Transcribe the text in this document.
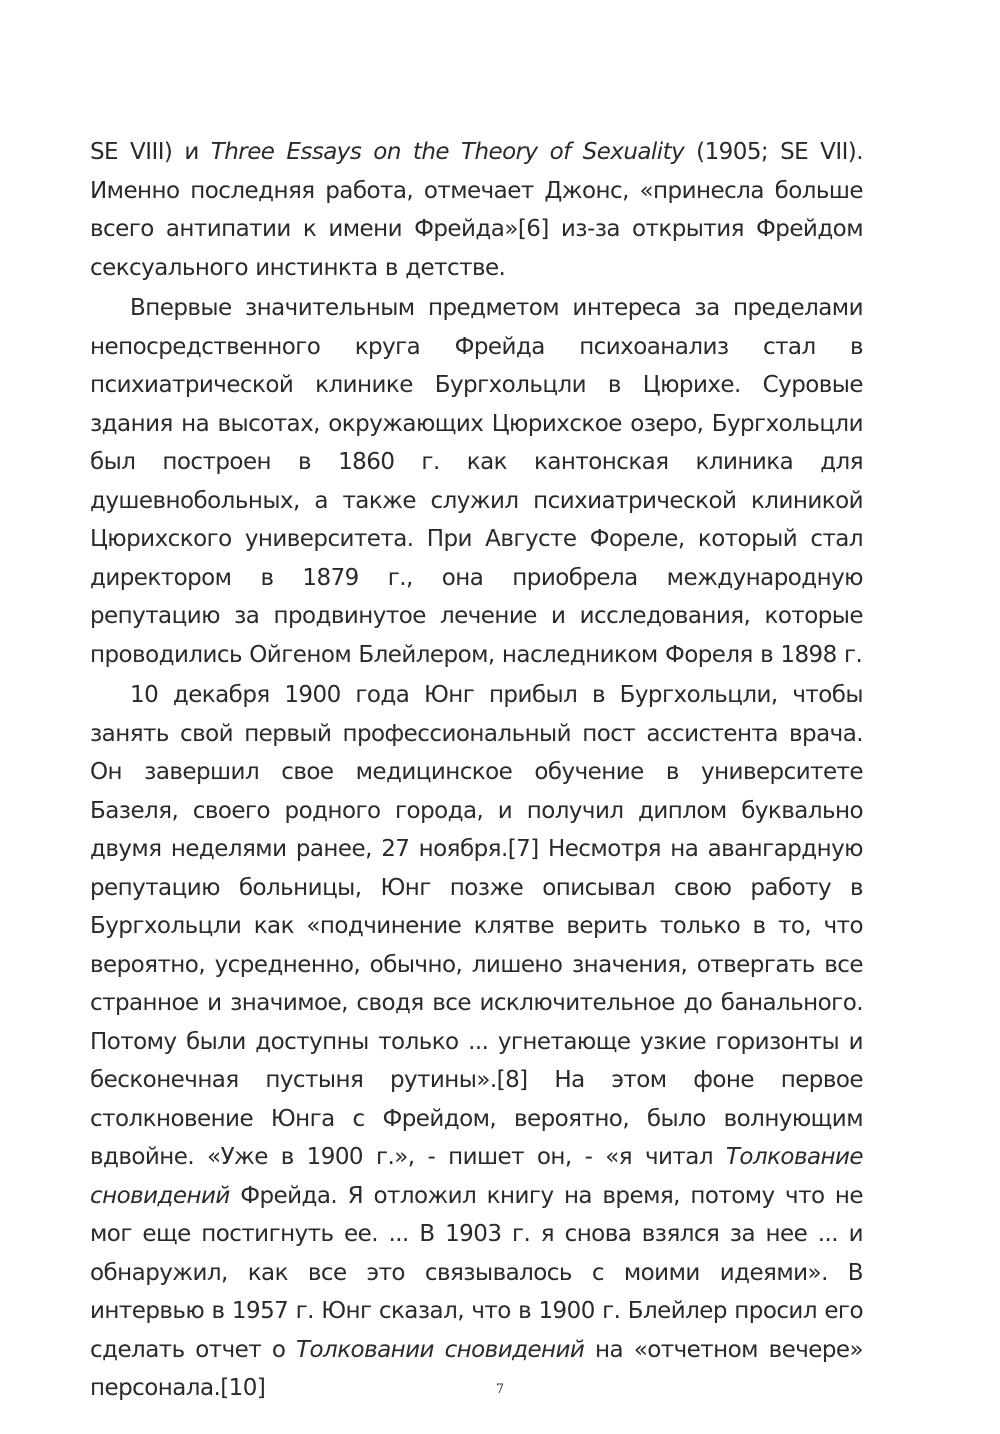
SE VIII) и Three Essays on the Theory of Sexuality (1905; SE VII). Именно последняя работа, отмечает Джонс, «принесла больше всего антипатии к имени Фрейда»[6] из-за открытия Фрейдом сексуального инстинкта в детстве.

Впервые значительным предметом интереса за пределами непосредственного круга Фрейда психоанализ стал в психиатрической клинике Бургхольцли в Цюрихе. Суровые здания на высотах, окружающих Цюрихское озеро, Бургхольцли был построен в 1860 г. как кантонская клиника для душевнобольных, а также служил психиатрической клиникой Цюрихского университета. При Августе Фореле, который стал директором в 1879 г., она приобрела международную репутацию за продвинутое лечение и исследования, которые проводились Ойгеном Блейлером, наследником Фореля в 1898 г.

10 декабря 1900 года Юнг прибыл в Бургхольцли, чтобы занять свой первый профессиональный пост ассистента врача. Он завершил свое медицинское обучение в университете Базеля, своего родного города, и получил диплом буквально двумя неделями ранее, 27 ноября.[7] Несмотря на авангардную репутацию больницы, Юнг позже описывал свою работу в Бургхольцли как «подчинение клятве верить только в то, что вероятно, усредненно, обычно, лишено значения, отвергать все странное и значимое, сводя все исключительное до банального. Потому были доступны только ... угнетающе узкие горизонты и бесконечная пустыня рутины».[8] На этом фоне первое столкновение Юнга с Фрейдом, вероятно, было волнующим вдвойне. «Уже в 1900 г.», - пишет он, - «я читал Толкование сновидений Фрейда. Я отложил книгу на время, потому что не мог еще постигнуть ее. ... В 1903 г. я снова взялся за нее ... и обнаружил, как все это связывалось с моими идеями». В интервью в 1957 г. Юнг сказал, что в 1900 г. Блейлер просил его сделать отчет о Толковании сновидений на «отчетном вечере» персонала.[10]	7
